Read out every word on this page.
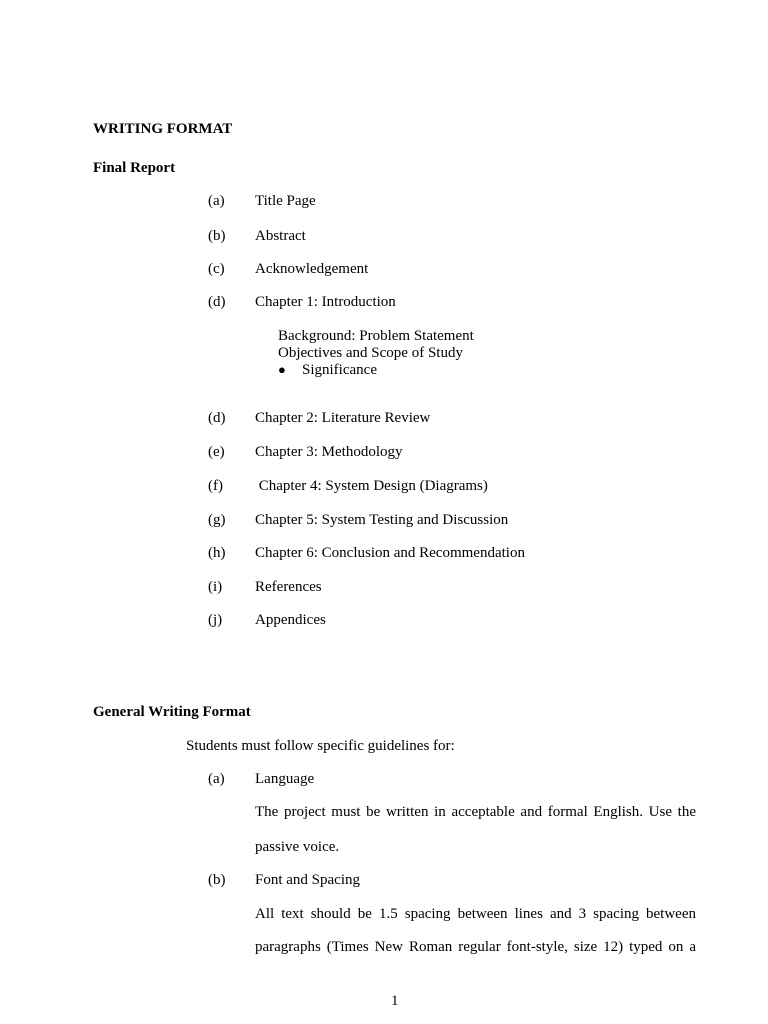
WRITING FORMAT
Final Report
(a) Title Page
(b) Abstract
(c) Acknowledgement
(d) Chapter 1: Introduction
Background: Problem Statement
Objectives and Scope of Study
● Significance
(d) Chapter 2: Literature Review
(e) Chapter 3: Methodology
(f) Chapter 4: System Design (Diagrams)
(g) Chapter 5: System Testing and Discussion
(h) Chapter 6: Conclusion and Recommendation
(i) References
(j) Appendices
General Writing Format
Students must follow specific guidelines for:
(a) Language
The project must be written in acceptable and formal English. Use the
passive voice.
(b) Font and Spacing
All text should be 1.5 spacing between lines and 3 spacing between
paragraphs (Times New Roman regular font-style, size 12) typed on a
1
